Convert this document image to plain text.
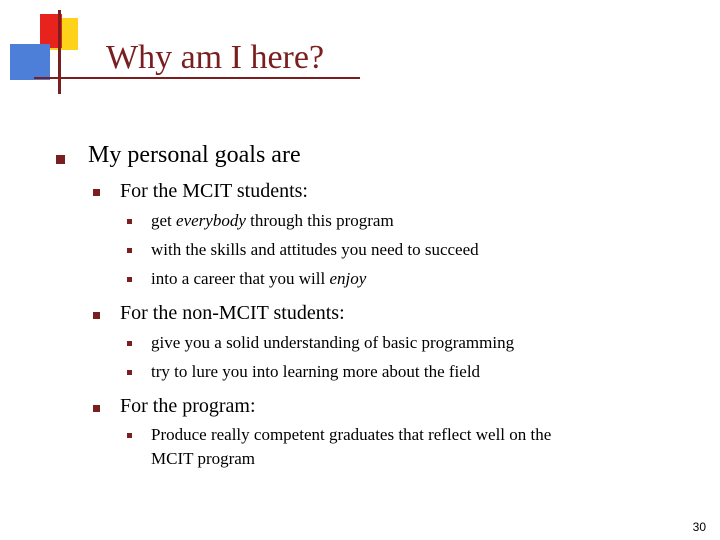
Why am I here?
My personal goals are
For the MCIT students:
get everybody through this program
with the skills and attitudes you need to succeed
into a career that you will enjoy
For the non-MCIT students:
give you a solid understanding of basic programming
try to lure you into learning more about the field
For the program:
Produce really competent graduates that reflect well on the
MCIT program
30
